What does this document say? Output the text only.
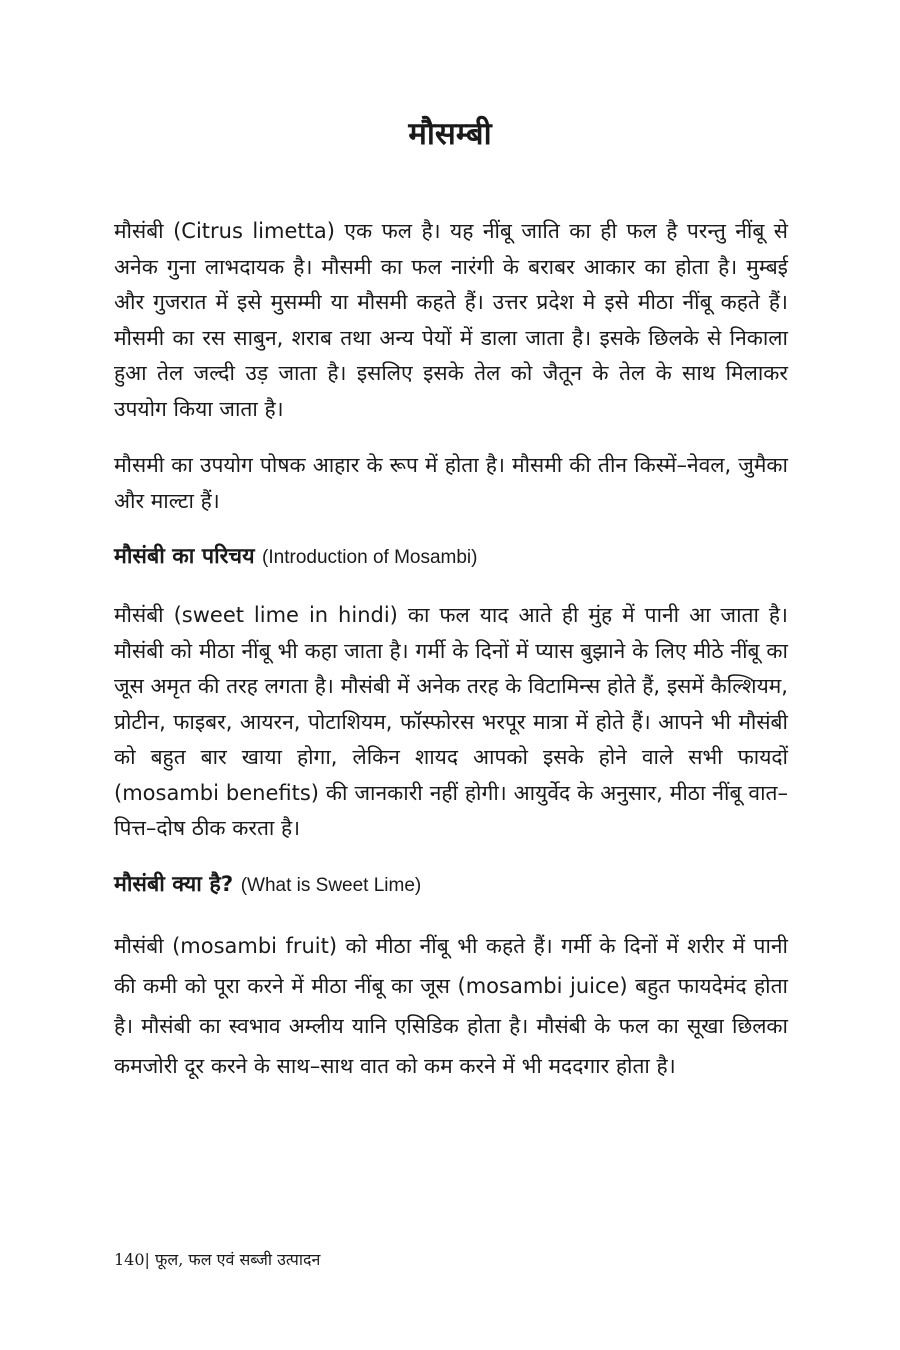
मौसम्बी

मौसंबी (Citrus limetta) एक फल है। यह नींबू जाति का ही फल है परन्तु नींबू से अनेक गुना लाभदायक है। मौसमी का फल नारंगी के बराबर आकार का होता है। मुम्बई और गुजरात में इसे मुसम्मी या मौसमी कहते हैं। उत्तर प्रदेश मे इसे मीठा नींबू कहते हैं। मौसमी का रस साबुन, शराब तथा अन्य पेयों में डाला जाता है। इसके छिलके से निकाला हुआ तेल जल्दी उड़ जाता है। इसलिए इसके तेल को जैतून के तेल के साथ मिलाकर उपयोग किया जाता है।

मौसमी का उपयोग पोषक आहार के रूप में होता है। मौसमी की तीन किस्में–नेवल, जुमैका और माल्टा हैं।

मौसंबी का परिचय (Introduction of Mosambi)

मौसंबी (sweet lime in hindi) का फल याद आते ही मुंह में पानी आ जाता है। मौसंबी को मीठा नींबू भी कहा जाता है। गर्मी के दिनों में प्यास बुझाने के लिए मीठे नींबू का जूस अमृत की तरह लगता है। मौसंबी में अनेक तरह के विटामिन्स होते हैं, इसमें कैल्शियम, प्रोटीन, फाइबर, आयरन, पोटाशियम, फॉस्फोरस भरपूर मात्रा में होते हैं। आपने भी मौसंबी को बहुत बार खाया होगा, लेकिन शायद आपको इसके होने वाले सभी फायदों (mosambi benefits) की जानकारी नहीं होगी। आयुर्वेद के अनुसार, मीठा नींबू वात–पित्त–दोष ठीक करता है।

मौसंबी क्या है? (What is Sweet Lime)

मौसंबी (mosambi fruit) को मीठा नींबू भी कहते हैं। गर्मी के दिनों में शरीर में पानी की कमी को पूरा करने में मीठा नींबू का जूस (mosambi juice) बहुत फायदेमंद होता है। मौसंबी का स्वभाव अम्लीय यानि एसिडिक होता है। मौसंबी के फल का सूखा छिलका कमजोरी दूर करने के साथ–साथ वात को कम करने में भी मददगार होता है।

140| फूल, फल एवं सब्जी उत्पादन
